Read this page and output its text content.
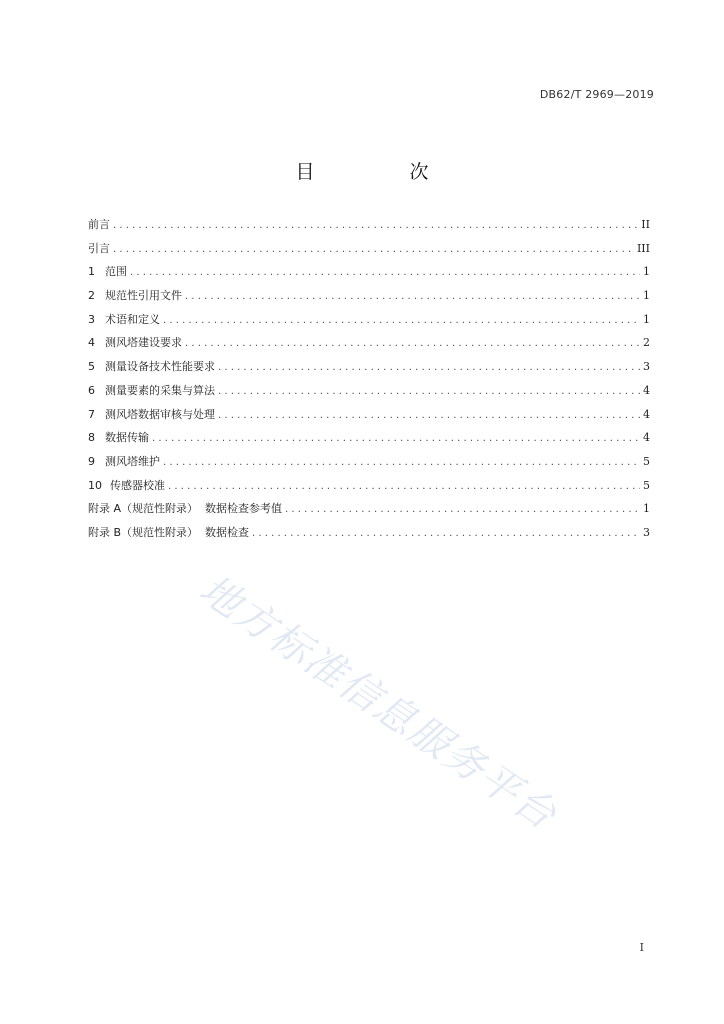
DB62/T 2969—2019
目　次
前言 . . .	II
引言 . . .	III
1 范围 . . .	1
2 规范性引用文件 . . .	1
3 术语和定义 . . .	1
4 测风塔建设要求 . . .	2
5 测量设备技术性能要求 . . .	3
6 测量要素的采集与算法 . . .	4
7 测风塔数据审核与处理 . . .	4
8 数据传输 . . .	4
9 测风塔维护 . . .	5
10 传感器校准 . . .	5
附录 A（规范性附录）  数据检查参考值 . . .	1
附录 B（规范性附录）  数据检查 . . .	3
地方标准信息服务平台
I
